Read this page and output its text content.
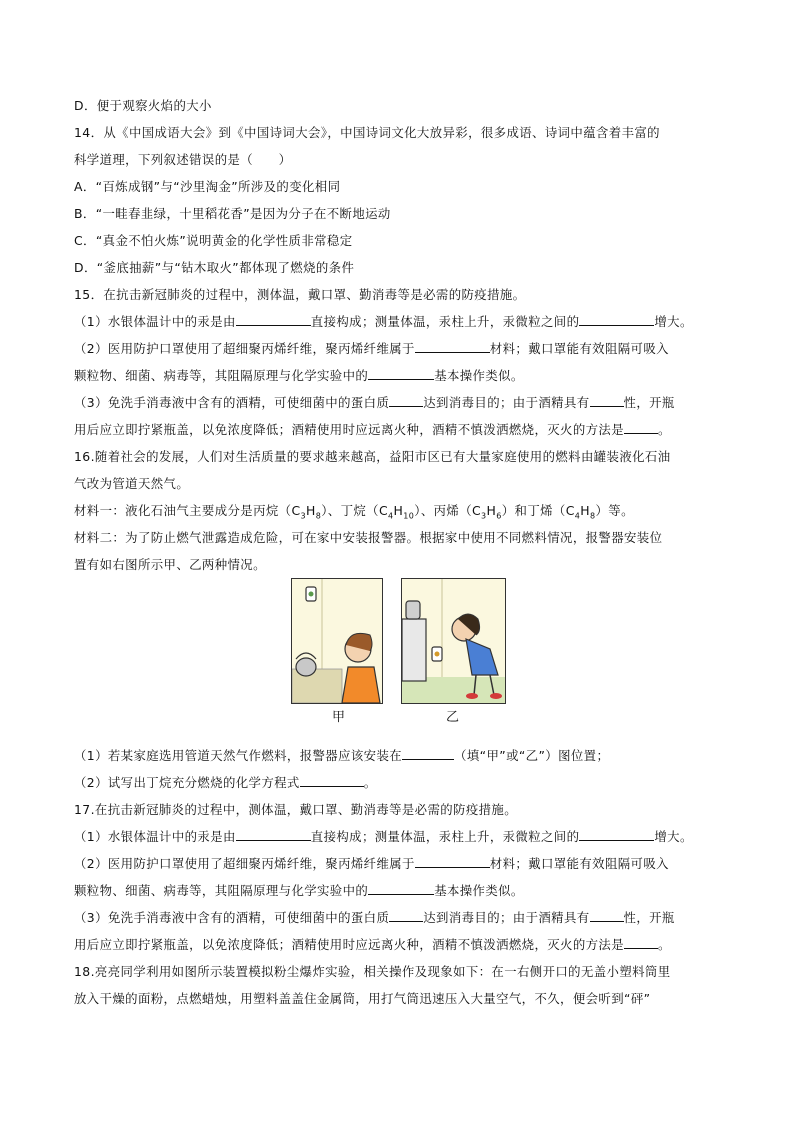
D．便于观察火焰的大小
14．从《中国成语大会》到《中国诗词大会》，中国诗词文化大放异彩，很多成语、诗词中蕴含着丰富的
科学道理，下列叙述错误的是（　　）
A．“百炼成钢”与“沙里淘金”所涉及的变化相同
B．“一畦春韭绿，十里稻花香”是因为分子在不断地运动
C．“真金不怕火炼”说明黄金的化学性质非常稳定
D．“釜底抽薪”与“钻木取火”都体现了燃烧的条件
15．在抗击新冠肺炎的过程中，测体温，戴口罩、勤消毒等是必需的防疫措施。
（1）水银体温计中的汞是由	直接构成；测量体温，汞柱上升，汞微粒之间的	增大。
（2）医用防护口罩使用了超细聚丙烯纤维，聚丙烯纤维属于	材料；戴口罩能有效阻隔可吸入
颗粒物、细菌、病毒等，其阻隔原理与化学实验中的	基本操作类似。
（3）免洗手消毒液中含有的酒精，可使细菌中的蛋白质	达到消毒目的；由于酒精具有	性，开瓶
用后应立即拧紧瓶盖，以免浓度降低；酒精使用时应远离火种，酒精不慎泼洒燃烧，灭火的方法是	。
16.随着社会的发展，人们对生活质量的要求越来越高，益阳市区已有大量家庭使用的燃料由罐装液化石油
气改为管道天然气。
材料一：液化石油气主要成分是丙烷$(C_3H_8)$、丁烷$(C_4H_{10})$、丙烯$(C_3H_6)$和丁烯$(C_4H_8)$等。
材料二：为了防止燃气泄露造成危险，可在家中安装报警器。根据家中使用不同燃料情况，报警器安装位
置有如右图所示甲、乙两种情况。
甲	乙
（1）若某家庭选用管道天然气作燃料，报警器应该安装在	（填“甲”或“乙”）图位置；
（2）试写出丁烷充分燃烧的化学方程式	。
17.在抗击新冠肺炎的过程中，测体温，戴口罩、勤消毒等是必需的防疫措施。
（1）水银体温计中的汞是由	直接构成；测量体温，汞柱上升，汞微粒之间的	增大。
（2）医用防护口罩使用了超细聚丙烯纤维，聚丙烯纤维属于	材料；戴口罩能有效阻隔可吸入
颗粒物、细菌、病毒等，其阻隔原理与化学实验中的	基本操作类似。
（3）免洗手消毒液中含有的酒精，可使细菌中的蛋白质	达到消毒目的；由于酒精具有	性，开瓶
用后应立即拧紧瓶盖，以免浓度降低；酒精使用时应远离火种，酒精不慎泼洒燃烧，灭火的方法是	。
18.亮亮同学利用如图所示装置模拟粉尘爆炸实验，相关操作及现象如下：在一右侧开口的无盖小塑料筒里
放入干燥的面粉，点燃蜡烛，用塑料盖盖住金属筒，用打气筒迅速压入大量空气，不久，便会听到“砰”
